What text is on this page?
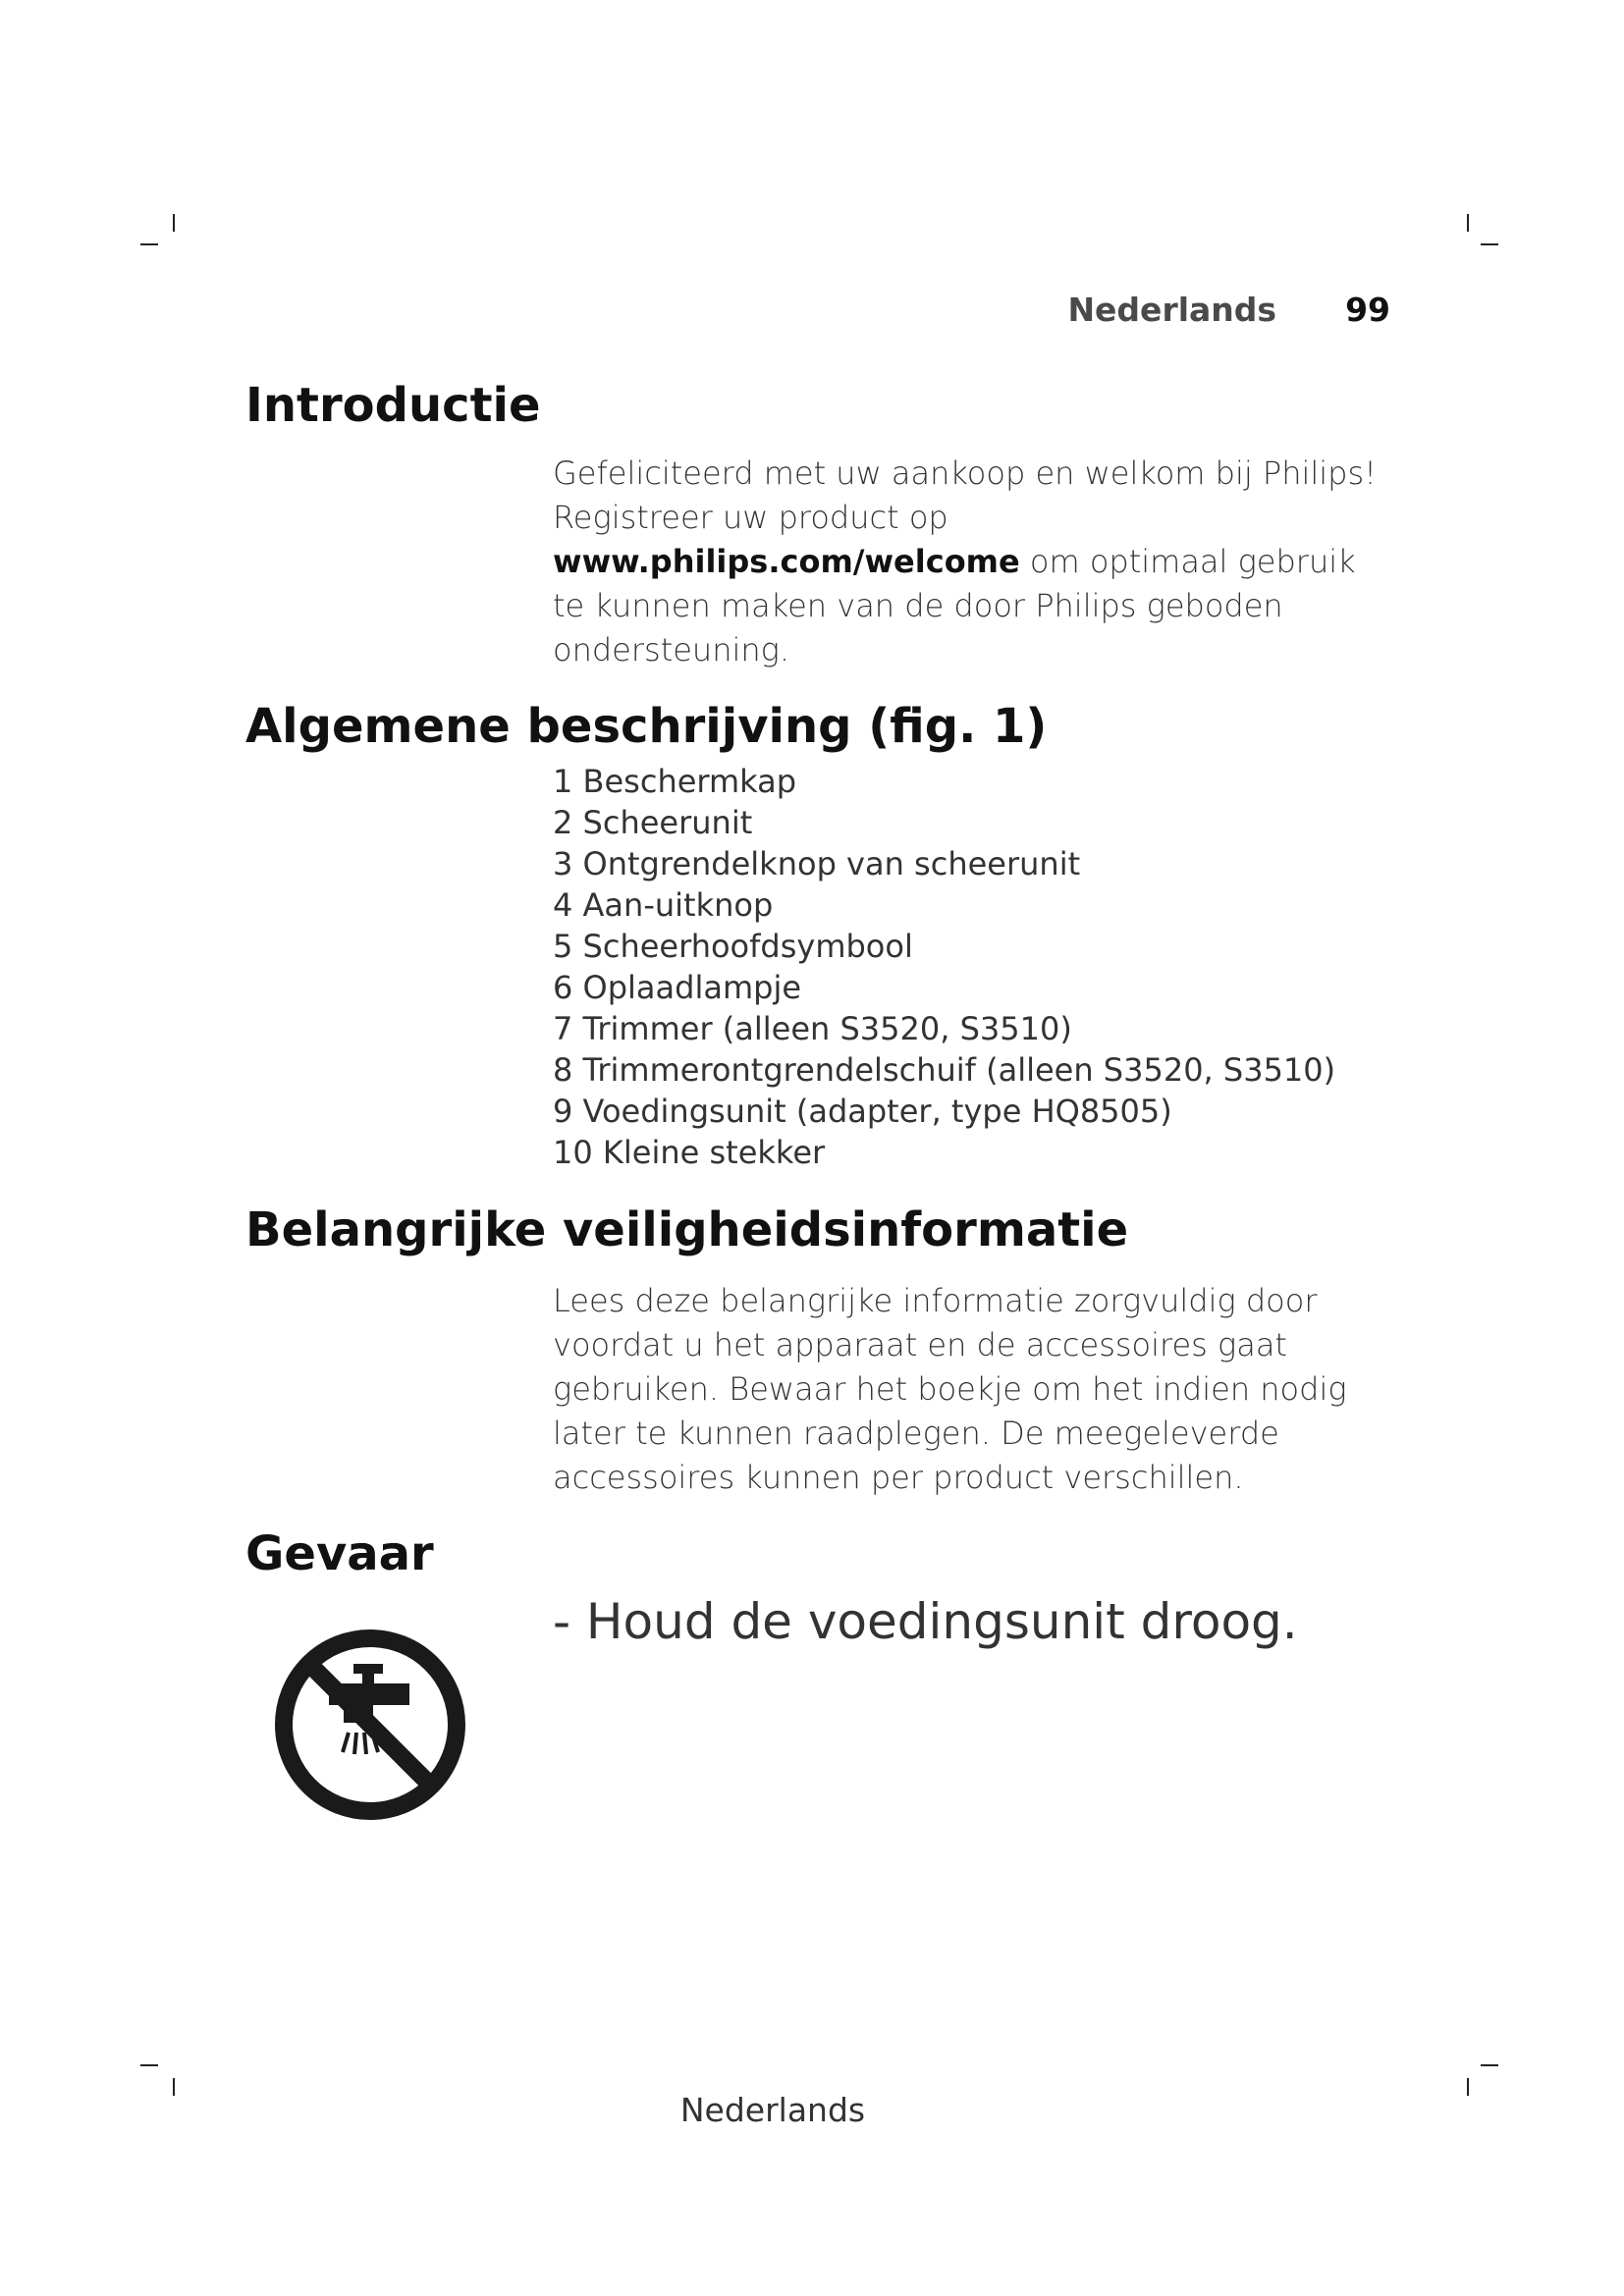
Nederlands 99
Introductie

Gefeliciteerd met uw aankoop en welkom bij Philips! Registreer uw product op www.philips.com/welcome om optimaal gebruik te kunnen maken van de door Philips geboden ondersteuning.

Algemene beschrijving (fig. 1)
1 Beschermkap
2 Scheerunit
3 Ontgrendelknop van scheerunit
4 Aan-uitknop
5 Scheerhoofdsymbool
6 Oplaadlampje
7 Trimmer (alleen S3520, S3510)
8 Trimmerontgrendelschuif (alleen S3520, S3510)
9 Voedingsunit (adapter, type HQ8505)
10 Kleine stekker
Belangrijke veiligheidsinformatie

Lees deze belangrijke informatie zorgvuldig door voordat u het apparaat en de accessoires gaat gebruiken. Bewaar het boekje om het indien nodig later te kunnen raadplegen. De meegeleverde accessoires kunnen per product verschillen.

Gevaar

- Houd de voedingsunit droog.

Nederlands
